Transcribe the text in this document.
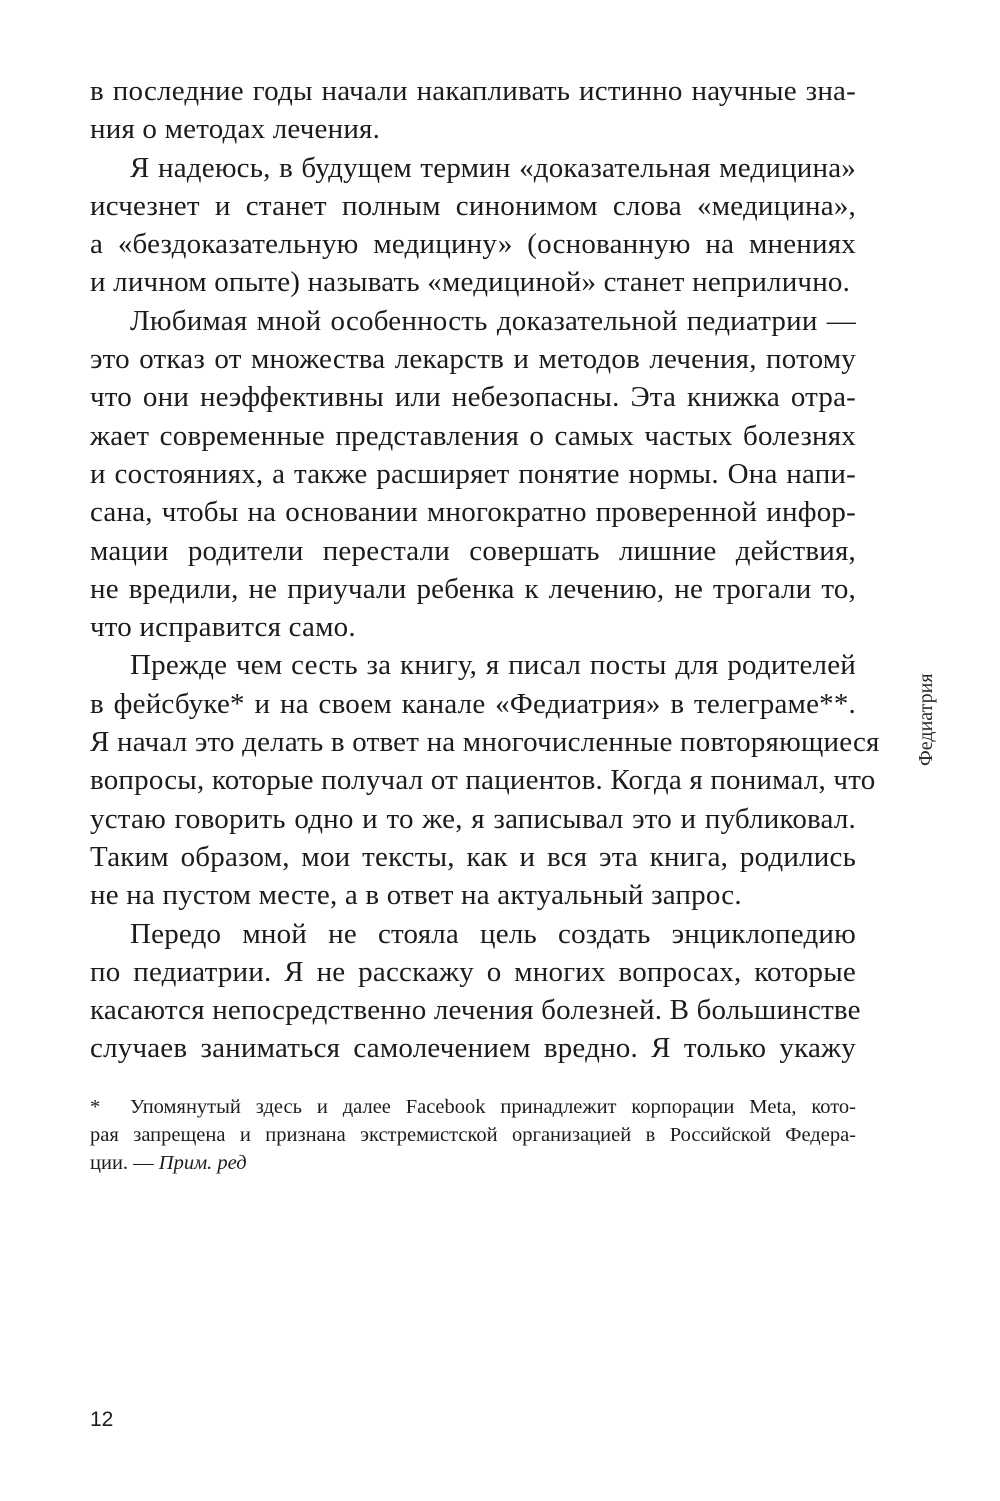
в последние годы начали накапливать истинно научные зна-
ния о методах лечения.
Я надеюсь, в будущем термин «доказательная медицина»
исчезнет и станет полным синонимом слова «медицина»,
а «бездоказательную медицину» (основанную на мнениях
и личном опыте) называть «медициной» станет неприлично.
Любимая мной особенность доказательной педиатрии —
это отказ от множества лекарств и методов лечения, потому
что они неэффективны или небезопасны. Эта книжка отра-
жает современные представления о самых частых болезнях
и состояниях, а также расширяет понятие нормы. Она напи-
сана, чтобы на основании многократно проверенной инфор-
мации родители перестали совершать лишние действия,
не вредили, не приучали ребенка к лечению, не трогали то,
что исправится само.
Прежде чем сесть за книгу, я писал посты для родителей
в фейсбуке* и на своем канале «Федиатрия» в телеграме**.
Я начал это делать в ответ на многочисленные повторяющиеся
вопросы, которые получал от пациентов. Когда я понимал, что
устаю говорить одно и то же, я записывал это и публиковал.
Таким образом, мои тексты, как и вся эта книга, родились
не на пустом месте, а в ответ на актуальный запрос.
Передо мной не стояла цель создать энциклопедию
по педиатрии. Я не расскажу о многих вопросах, которые
касаются непосредственно лечения болезней. В большинстве
случаев заниматься самолечением вредно. Я только укажу
* Упомянутый здесь и далее Facebook принадлежит корпорации Meta, кото-
рая запрещена и признана экстремистской организацией в Российской Федера-
ции. — Прим. ред
Федиатрия
12
